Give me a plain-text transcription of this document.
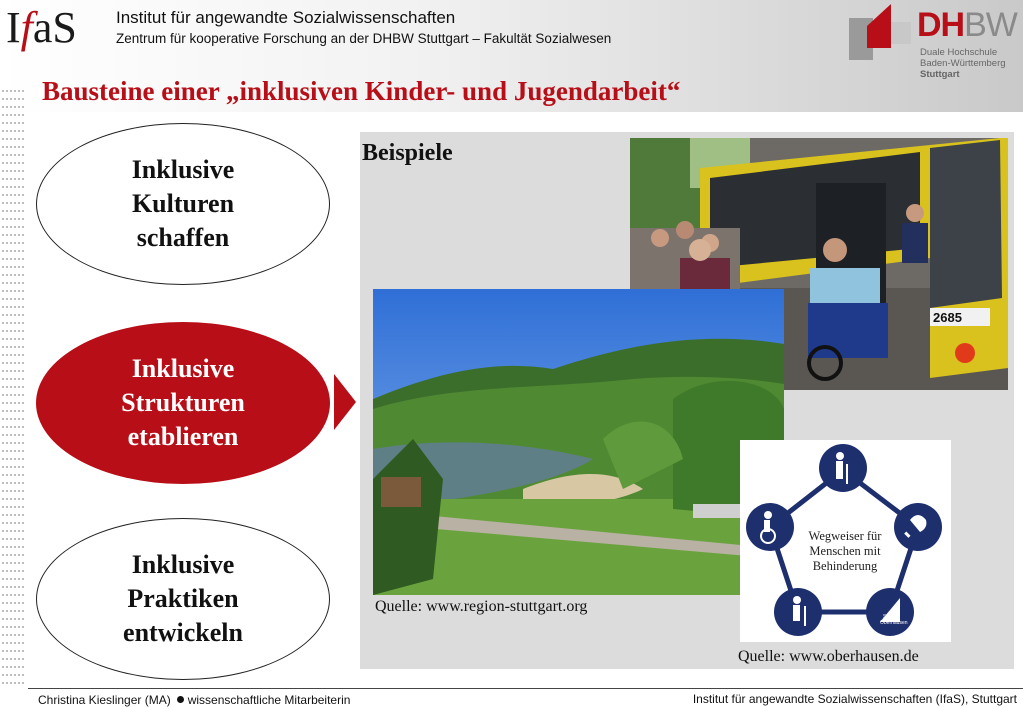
IfaS	Institut für angewandte Sozialwissenschaften
Zentrum für kooperative Forschung an der DHBW Stuttgart – Fakultät Sozialwesen	DHBW
Duale Hochschule
Baden-Württemberg
Stuttgart
Bausteine einer „inklusiven Kinder- und Jugendarbeit“
Inklusive
Kulturen
schaffen
Inklusive
Strukturen
etablieren
Inklusive
Praktiken
entwickeln
Beispiele
2685
Stadt
Oberhausen
Wegweiser für
Menschen mit
Behinderung
Quelle: www.region-stuttgart.org
Quelle: www.oberhausen.de
Christina Kieslinger (MA) wissenschaftliche Mitarbeiterin	Institut für angewandte Sozialwissenschaften (IfaS), Stuttgart
